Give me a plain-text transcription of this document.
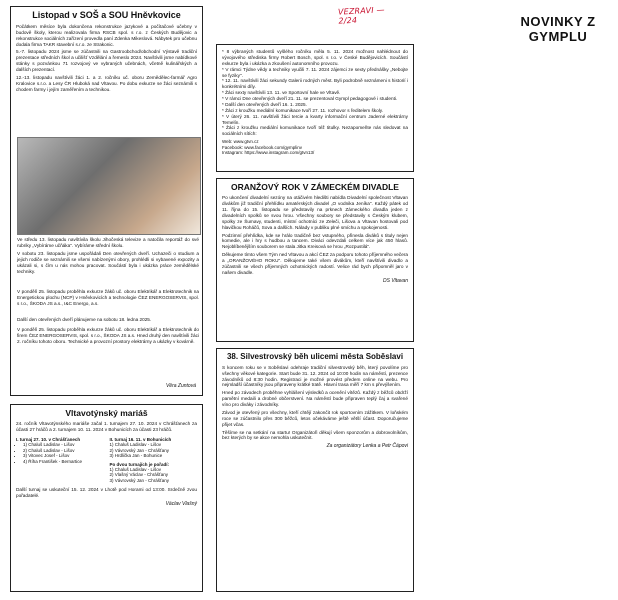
VEZRAVI — 2/24
Listopad v SOŠ a SOU Hněvkovice
Počátkem měsíce byla dokončena rekonstrukce jazykové a počítačové učebny v budově školy, kterou realizovala firma RSCB spol. s r.o. z Českých Budějovic a rekonstrukce sociálních zařízení provedla paní Zdenka Mikeslová. Nábytek pro učebnu dodala firma TAKR stavební s.r.o. ze Strakonic.
5.-7. listopadu 2024 jsme se zúčastnili na Gastroobchod/obchodní Výstavě tradiční prezentace středních škol a učilišť Vzdělání a řemeslo 2024. Navštívili jsme nabídkové stánky s pozvánkou 71 rozvojový ve vybraných učebnách, včetně kulinářských a dalších prezentací.
12.-13. listopadu navštívili žáci 1. a 2. ročníku uč. oboru Zemědělec-farmář Agro Kralovice s.r.o. a Lesy ČR Hluboká nad Vltavou. Po dobu exkurze se žáci seznámili s chodem farmy i jejím zaměřením a technikou.
Ve středu 13. listopadu navštívila školu Jihočeská televize a natočila reportáž do své rubriky „Vybíráme učňáka". Vybíráme střední školu.
V sobotu 23. listopadu jsme uspořádali Den otevřených dveří. Uchazeči o studium a jejich rodiče se seznámili se všemi nabízenými obory, prohlédli si vybavené expozity a ukázali si, s čím u nás mohou pracovat. Součástí byla i ukázka práce zemědělské techniky.
V pondělí 25. listopadu proběhla exkurze žáků uč. oboru Elektrikář a Elektrotechnik na Energetickou plochu (NCP) v Hněvkovicích a technologie ČEZ ENERGOSERVIS, spol. s r.o., ŠKODA JS a.s., I&C Energo, a.s.
Další den otevřených dveří plánujeme na sobotu 18. ledna 2025.
V pondělí 25. listopadu proběhla exkurze žáků uč. oboru Elektrikář a Elektrotechnik do firem ČEZ ENERGOSERVIS, spol. s r.o., ŠKODA JS a.s. Hned druhý den navštívili žáci 2. ročníku tohoto oboru. Technické a provozní prostory elektrárny a ukázky v kovárně.
Věra Zuntová
Vltavotýnský mariáš
24. ročník Vltavotýnského mariáše začal 1. turnajem 27. 10. 2024 v Chrášťanech za účasti 27 hráčů a 2. turnajem 10. 11. 2024 v Bohunicích za účasti 23 hráčů.
I. turnaj 27. 10. v Chrášťanech
• 1) Chaluš Ladislav - Lišov
• 2) Chaluš Ladislav - Lišov
• 3) Vitovec Josef - Lišov
• 4) Říha František - Bernartice
II. turnaj 16. 11. v Bohunicích
1) Chaluš Ladislav - Lišov
2) Vávrovský Jan - Chrášťany
3) Hrdlička Jan - Bohunice
Po dvou turnajích je pořadí:
1) Chaluš Ladislav - Lišov
2) Vlašný Václav - Chrášťany
3) Vávrovský Jan - Chrášťany
Další turnaj se uskuteční 15. 12. 2024 v Lhotě pod Horami od 13:00. Srdečně zvou pořadatelé.
Václav Vlašný
NOVINKY Z GYMPLU
* 8 výbraných studentů vyšlého ročníku měla 5. 11. 2024 možnost nahlédnout do vývojového střediska firmy Robert Bosch, spol. s r.o. v České Budějovicích. Součástí exkurze byla i ukázka a zkoušení autonomního provozu.
* V rámci Týdne vědy a techniky vyučili 7. 11. 2024 zájemci ze sexty přednášky „Nebojte se fyziky".
* 12. 11. navštívili žáci sekundy Galerii rodných měst. Byli podrobně seznámeni s historií i konkrétními díly.
* Žáci sexty navštívili 13. 11. ve Sportovní hale ve Vltavě.
* V rámci Dne otevřených dveří 21. 11. se prezentoval Gympl pedagogové i studenti.
* Další den otevřených dveří 16. 1. 2025.
* Žáci z kroužku mediální komunikace tvoří 27. 11. rozhovor s ředitelem školy.
* V úterý 26. 11. navštívili žáci tercie a kvarty informační centrum Jaderné elektrárny Temelín.
* Žáci z kroužku mediální komunikace tvoří též titulky. Nezapomeňte nás sledovat na sociálních sítích:
Web: www.gtvn.cz
Facebook: www.facebook.com/gymplinv
Instagram: https://www.instagram.com/gtvn13/
ORANŽOVÝ ROK V ZÁMECKÉM DIVADLE
Po ukončení divadelní sezóny na otáčivém hledišti nabídla Divadelní společnost Vltavan divákům již tradiční přehlídku amatérských divadel „O vodnika Jeníka". Každý pátek od 11. října do 15. listopadu se představily na prknech Zámeckého divadla jeden z divadelních spolků se svou hrou. Všechny soubory se představily s Českým klubem, spolky ze Šumavy, studenti, místní ochotníci ze Zeleči, Lišova a Vltavan hostovali pod hlavičkou Roháčů, Sova a dalších. Nálady v publiku plné smíchu a spokojenosti.
Podzimní přehlídka, kde se hrálo tradičně bez vstupného, přinesla diváků s tituly nejen komedie, ale i hry s hudbou a tancem. Diváci odevzdali celkem více jak 450 hlasů. Nejoblíbenějším souborem se stala Jitka Kreisová se hrou „Rozpustilá".
Děkujeme tímto všem Tým ned Vltavou a akcí ČEZ za podporu tohoto příjemného večera a „ORANŽOVÉHO ROKU". Děkujeme také všem divákům, kteří navštívili divadlo a zúčastnili se všech příjemných ochotnických radostí. Velice rád bych připomněl jaro v našem divadle.
DS Vltavan
38. Silvestrovský běh ulicemi města Soběslavi
S koncem roku se v Soběslavi odehraje tradiční silvestrovský běh, který povolíme pro všechny věkové kategorie. Start bude 31. 12. 2024 od 10:00 hodin na náměstí, prezence závodníků od 8:30 hodin. Registraci je možné provést předem online na webu. Pro nejmladší účastníky jsou připraveny krátké tratě. Hlavní trasa měří 7 km s převýšením.
Hned po závodech proběhne vyhlášení výsledků a ocenění vítězů. Každý z běžců obdrží pamětní medaili a drobné občerstvení. Na náměstí bude připraven teplý čaj a svařené víno pro diváky i závodníky.
Závod je otevřený pro všechny, kteří chtějí zakončit rok sportovním zážitkem. V loňském roce se zúčastnilo přes 300 běžců, letos očekáváme ještě větší účast. Doporučujeme přijet včas.
Těšíme se na setkání na startu! Organizátoři děkují všem sponzorům a dobrovolníkům, bez kterých by se akce nemohla uskutečnit.
Za organizátory Lenka a Petr Čápovi
